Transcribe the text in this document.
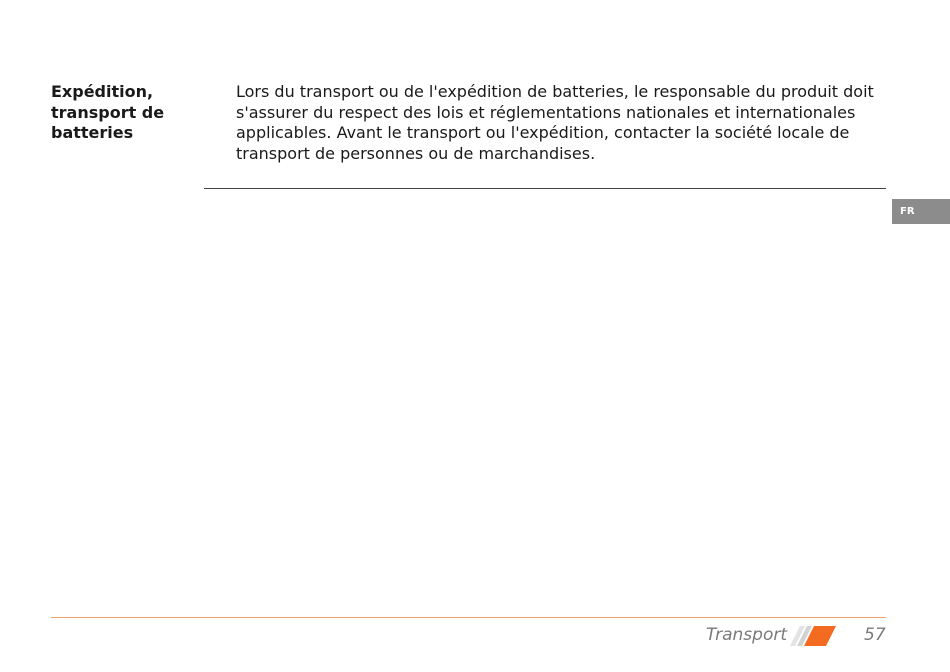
Expédition, transport de batteries

Lors du transport ou de l'expédition de batteries, le responsable du produit doit s'assurer du respect des lois et réglementations nationales et internationales applicables. Avant le transport ou l'expédition, contacter la société locale de transport de personnes ou de marchandises.

FR
Transport	57
